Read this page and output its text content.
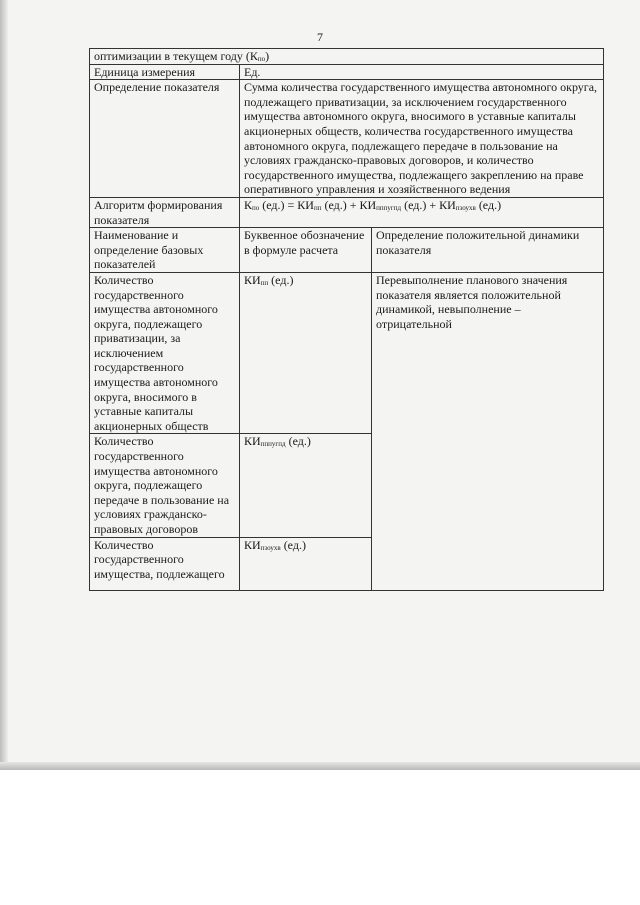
7
оптимизации в текущем году $(К_{по})$		
Единица измерения	Ед.	
Определение показателя	Сумма количества государственного имущества автономного округа, подлежащего приватизации, за исключением государственного имущества автономного округа, вносимого в уставные капиталы акционерных обществ, количества государственного имущества автономного округа, подлежащего передаче в пользование на условиях гражданско-правовых договоров, и количество государственного имущества, подлежащего закреплению на праве оперативного управления и хозяйственного ведения	
Алгоритм формирования показателя	$К_{по}$ $(ед.) = КИ_{пп}$ $(ед.) + КИ_{пппугпд}$ $(ед.) + КИ_{пзоухв}$ (ед.)	
Наименование и определение базовых показателей	Буквенное обозначение в формуле расчета	Определение положительной динамики показателя
Количество государственного имущества автономного округа, подлежащего приватизации, за исключением государственного имущества автономного округа, вносимого в уставные капиталы акционерных обществ	$КИ_{пп}$ (ед.)	Перевыполнение планового значения показателя является положительной динамикой, невыполнение – отрицательной
Количество государственного имущества автономного округа, подлежащего передаче в пользование на условиях гражданско-правовых договоров	$КИ_{пппугпд}$ (ед.)	

Количество государственного имущества, подлежащего	$КИ_{пзоухв}$ (ед.)	
